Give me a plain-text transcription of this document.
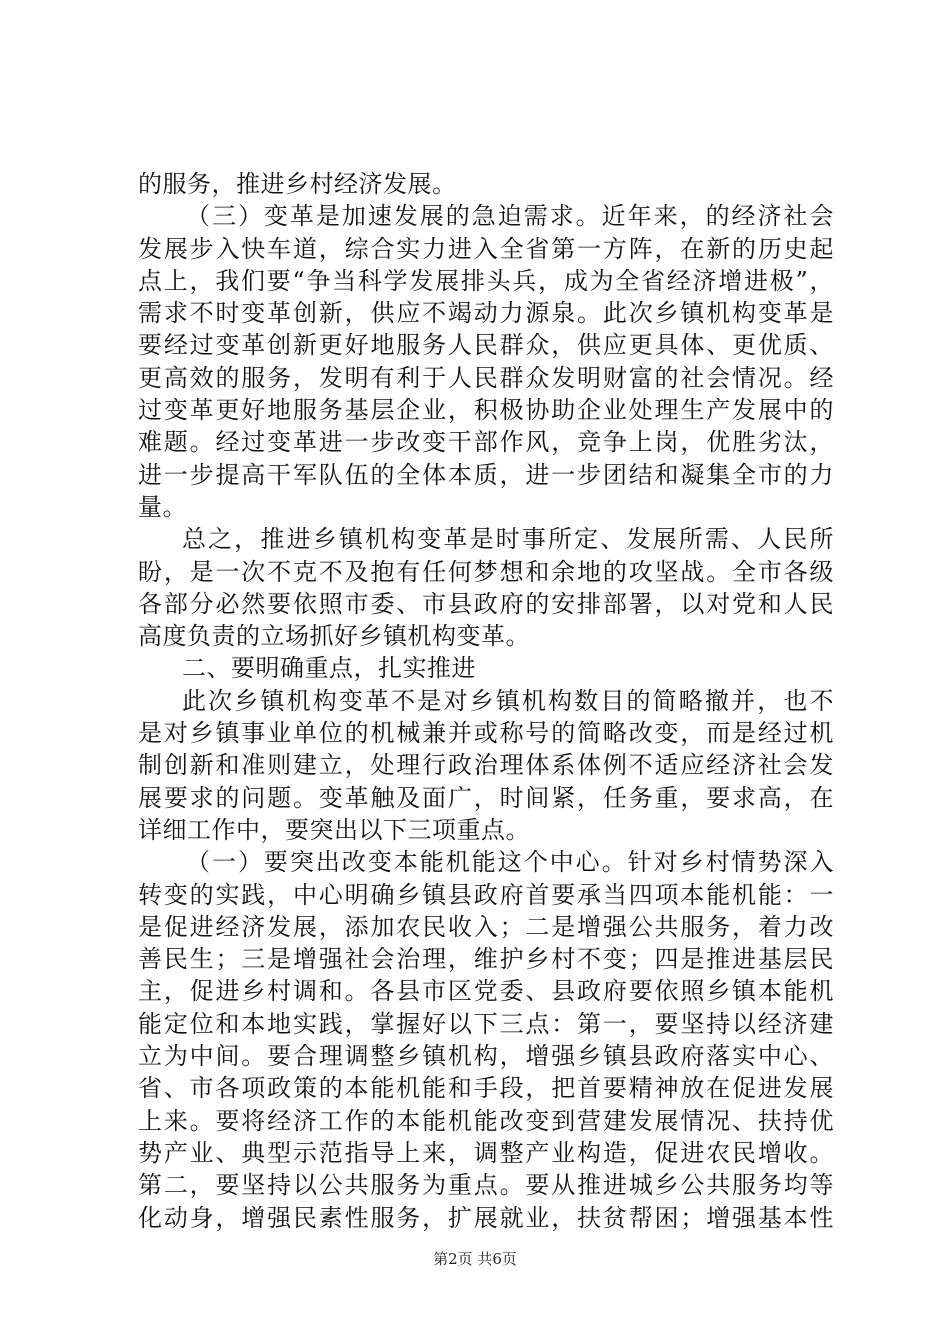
的服务，推进乡村经济发展。
（三）变革是加速发展的急迫需求。近年来，的经济社会
发展步入快车道，综合实力进入全省第一方阵，在新的历史起
点上，我们要“争当科学发展排头兵，成为全省经济增进极”，
需求不时变革创新，供应不竭动力源泉。此次乡镇机构变革是
要经过变革创新更好地服务人民群众，供应更具体、更优质、
更高效的服务，发明有利于人民群众发明财富的社会情况。经
过变革更好地服务基层企业，积极协助企业处理生产发展中的
难题。经过变革进一步改变干部作风，竞争上岗，优胜劣汰，
进一步提高干军队伍的全体本质，进一步团结和凝集全市的力
量。
总之，推进乡镇机构变革是时事所定、发展所需、人民所
盼，是一次不克不及抱有任何梦想和余地的攻坚战。全市各级
各部分必然要依照市委、市县政府的安排部署，以对党和人民
高度负责的立场抓好乡镇机构变革。
二、要明确重点，扎实推进
此次乡镇机构变革不是对乡镇机构数目的简略撤并，也不
是对乡镇事业单位的机械兼并或称号的简略改变，而是经过机
制创新和准则建立，处理行政治理体系体例不适应经济社会发
展要求的问题。变革触及面广，时间紧，任务重，要求高，在
详细工作中，要突出以下三项重点。
（一）要突出改变本能机能这个中心。针对乡村情势深入
转变的实践，中心明确乡镇县政府首要承当四项本能机能：一
是促进经济发展，添加农民收入；二是增强公共服务，着力改
善民生；三是增强社会治理，维护乡村不变；四是推进基层民
主，促进乡村调和。各县市区党委、县政府要依照乡镇本能机
能定位和本地实践，掌握好以下三点：第一，要坚持以经济建
立为中间。要合理调整乡镇机构，增强乡镇县政府落实中心、
省、市各项政策的本能机能和手段，把首要精神放在促进发展
上来。要将经济工作的本能机能改变到营建发展情况、扶持优
势产业、典型示范指导上来，调整产业构造，促进农民增收。
第二，要坚持以公共服务为重点。要从推进城乡公共服务均等
化动身，增强民素性服务，扩展就业，扶贫帮困；增强基本性
第2页 共6页
